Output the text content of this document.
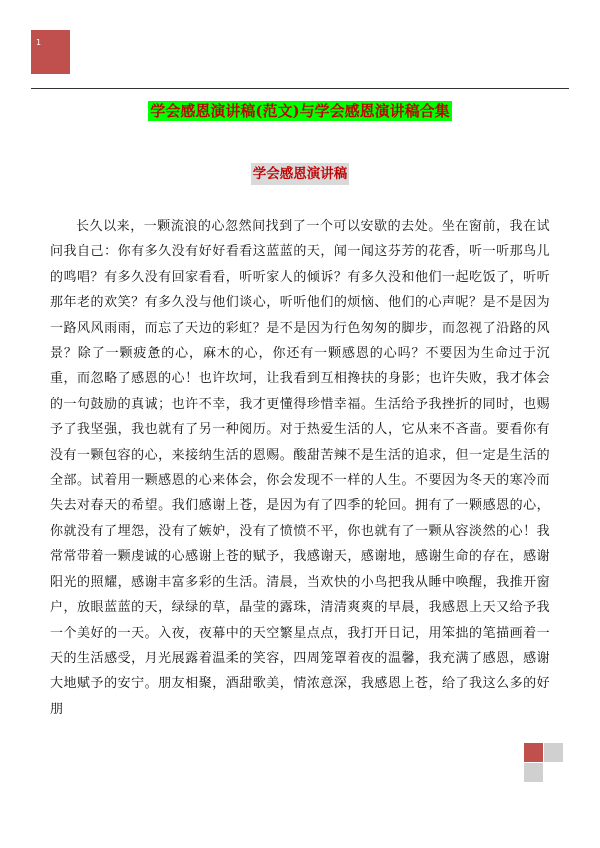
1
学会感恩演讲稿(范文)与学会感恩演讲稿合集
学会感恩演讲稿

长久以来，一颗流浪的心忽然间找到了一个可以安歇的去处。坐在窗前，我在试问我自己：你有多久没有好好看看这蓝蓝的天，闻一闻这芬芳的花香，听一听那鸟儿的鸣唱？有多久没有回家看看，听听家人的倾诉？有多久没和他们一起吃饭了，听听那年老的欢笑？有多久没与他们谈心，听听他们的烦恼、他们的心声呢？是不是因为一路风风雨雨，而忘了天边的彩虹？是不是因为行色匆匆的脚步，而忽视了沿路的风景？除了一颗疲惫的心，麻木的心，你还有一颗感恩的心吗？不要因为生命过于沉重，而忽略了感恩的心！也许坎坷，让我看到互相搀扶的身影；也许失败，我才体会的一句鼓励的真诚；也许不幸，我才更懂得珍惜幸福。生活给予我挫折的同时，也赐予了我坚强，我也就有了另一种阅历。对于热爱生活的人，它从来不吝啬。要看你有没有一颗包容的心，来接纳生活的恩赐。酸甜苦辣不是生活的追求，但一定是生活的全部。试着用一颗感恩的心来体会，你会发现不一样的人生。不要因为冬天的寒冷而失去对春天的希望。我们感谢上苍，是因为有了四季的轮回。拥有了一颗感恩的心，你就没有了埋怨，没有了嫉妒，没有了愤愤不平，你也就有了一颗从容淡然的心！我常常带着一颗虔诚的心感谢上苍的赋予，我感谢天，感谢地，感谢生命的存在，感谢阳光的照耀，感谢丰富多彩的生活。清晨，当欢快的小鸟把我从睡中唤醒，我推开窗户，放眼蓝蓝的天，绿绿的草，晶莹的露珠，清清爽爽的早晨，我感恩上天又给予我一个美好的一天。入夜，夜幕中的天空繁星点点，我打开日记，用笨拙的笔描画着一天的生活感受，月光展露着温柔的笑容，四周笼罩着夜的温馨，我充满了感恩，感谢大地赋予的安宁。朋友相聚，酒甜歌美，情浓意深，我感恩上苍，给了我这么多的好朋
